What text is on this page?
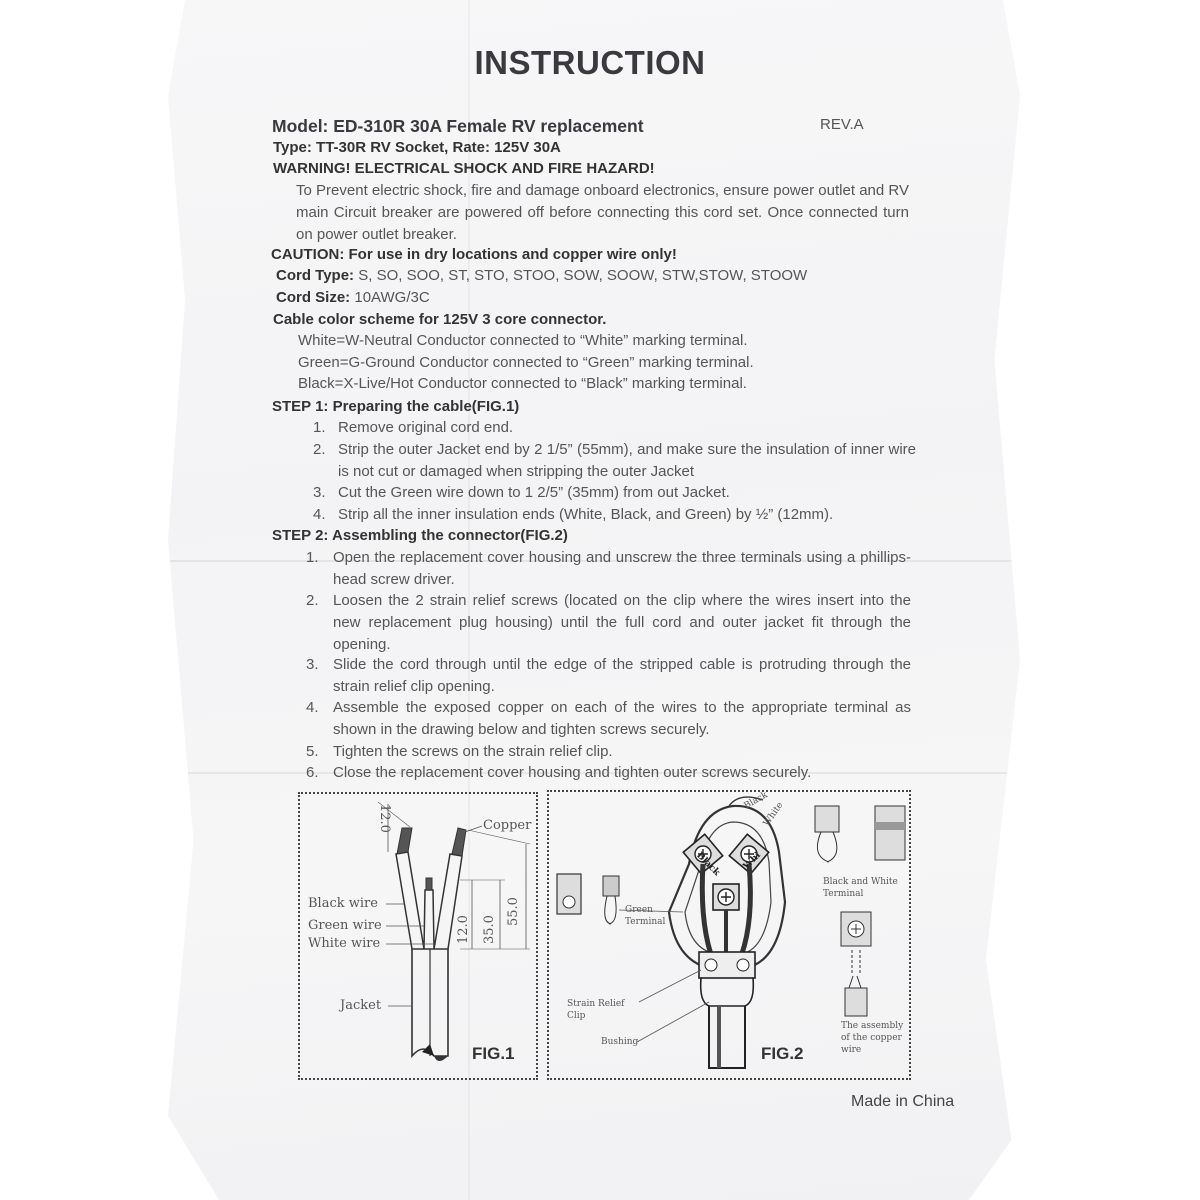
INSTRUCTION
Model: ED-310R 30A Female RV replacement	REV.A
Type: TT-30R RV Socket, Rate: 125V 30A
WARNING! ELECTRICAL SHOCK AND FIRE HAZARD!
To Prevent electric shock, fire and damage onboard electronics, ensure power outlet and RV main Circuit breaker are powered off before connecting this cord set. Once connected turn on power outlet breaker.
CAUTION: For use in dry locations and copper wire only!
Cord Type: S, SO, SOO, ST, STO, STOO, SOW, SOOW, STW,STOW, STOOW
Cord Size: 10AWG/3C
Cable color scheme for 125V 3 core connector.
White=W-Neutral Conductor connected to “White” marking terminal.
Green=G-Ground Conductor connected to “Green” marking terminal.
Black=X-Live/Hot Conductor connected to “Black” marking terminal.
STEP 1: Preparing the cable(FIG.1)
1. Remove original cord end.
2. Strip the outer Jacket end by 2 1/5” (55mm), and make sure the insulation of inner wire is not cut or damaged when stripping the outer Jacket
3. Cut the Green wire down to 1 2/5” (35mm) from out Jacket.
4. Strip all the inner insulation ends (White, Black, and Green) by ½” (12mm).
STEP 2: Assembling the connector(FIG.2)
1. Open the replacement cover housing and unscrew the three terminals using a phillips-head screw driver.
2. Loosen the 2 strain relief screws (located on the clip where the wires insert into the new replacement plug housing) until the full cord and outer jacket fit through the opening.
3. Slide the cord through until the edge of the stripped cable is protruding through the strain relief clip opening.
4. Assemble the exposed copper on each of the wires to the appropriate terminal as shown in the drawing below and tighten screws securely.
5. Tighten the screws on the strain relief clip.
6. Close the replacement cover housing and tighten outer screws securely.
12.0	Copper
Black wire
Green wire
White wire
Jacket
12.0 35.0
55.0
FIG.1
Black
White
Black Whi
Green Terminal
Black and White Terminal
Strain Relief Clip
Bushing
The assembly of the copper wire
FIG.2
Made in China
